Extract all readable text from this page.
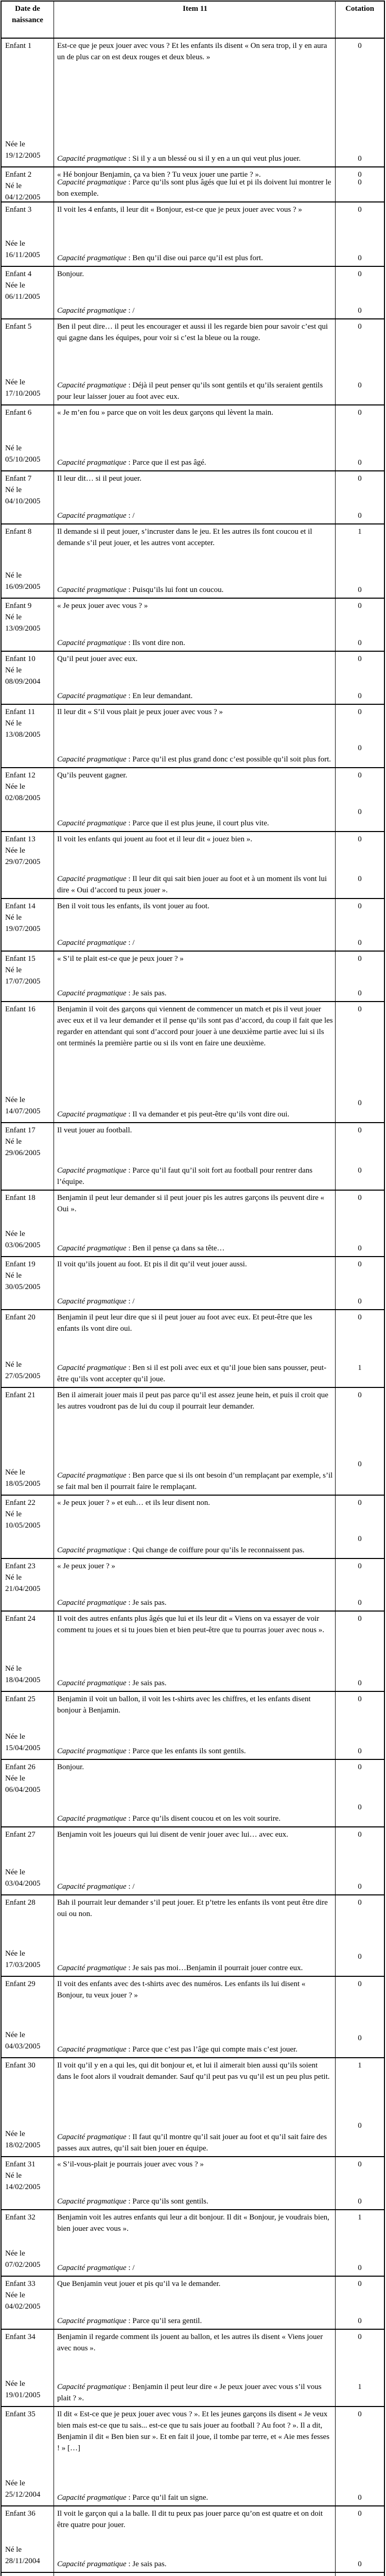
Date de naissance
Item 11	Cotation
Enfant 1
Née le
19/12/2005
Est-ce que je peux jouer avec vous ? Et les enfants ils disent « On sera trop, il y en aura un de plus car on est deux rouges et deux bleus. »
Capacité pragmatique : Si il y a un blessé ou si il y en a un qui veut plus jouer.
0
0
Enfant 2
Né le
04/12/2005
« Hé bonjour Benjamin, ça va bien ? Tu veux jouer une partie ? ».
Capacité pragmatique : Parce qu’ils sont plus âgés que lui et pi ils doivent lui montrer le bon exemple.
0
0
Enfant 3
Née le
16/11/2005
Il voit les 4 enfants, il leur dit « Bonjour, est-ce que je peux jouer avec vous ? »
Capacité pragmatique : Ben qu’il dise oui parce qu’il est plus fort.
0
0
Enfant 4
Née le
06/11/2005
Bonjour.
Capacité pragmatique : /
0
0
Enfant 5
Née le
17/10/2005
Ben il peut dire… il peut les encourager et aussi il les regarde bien pour savoir c’est qui qui gagne dans les équipes, pour voir si c’est la bleue ou la rouge.
Capacité pragmatique : Déjà il peut penser qu’ils sont gentils et qu’ils seraient gentils pour leur laisser jouer au foot avec eux.
0
0
Enfant 6
Né le
05/10/2005
« Je m’en fou » parce que on voit les deux garçons qui lèvent la main.
Capacité pragmatique : Parce que il est pas âgé.
0
0
Enfant 7
Né le
04/10/2005
Il leur dit… si il peut jouer.
Capacité pragmatique : /
0
0
Enfant 8
Né le
16/09/2005
Il demande si il peut jouer, s’incruster dans le jeu. Et les autres ils font coucou et il demande s’il peut jouer, et les autres vont accepter.
Capacité pragmatique : Puisqu’ils lui font un coucou.
1
0
Enfant 9
Né le
13/09/2005
« Je peux jouer avec vous ? »
Capacité pragmatique : Ils vont dire non.
0
0
Enfant 10
Né le
08/09/2004
Qu’il peut jouer avec eux.
Capacité pragmatique : En leur demandant.
0
0
Enfant 11
Né le
13/08/2005
Il leur dit « S’il vous plait je peux jouer avec vous ? »
Capacité pragmatique : Parce qu’il est plus grand donc c’est possible qu’il soit plus fort.
0
0
Enfant 12
Née le
02/08/2005
Qu’ils peuvent gagner.
Capacité pragmatique : Parce que il est plus jeune, il court plus vite.
0
0
Enfant 13
Née le
29/07/2005
Il voit les enfants qui jouent au foot et il leur dit « jouez bien ».
Capacité pragmatique : Il leur dit qui sait bien jouer au foot et à un moment ils vont lui dire « Oui d’accord tu peux jouer ».
0
0
Enfant 14
Né le
19/07/2005
Ben il voit tous les enfants, ils vont jouer au foot.
Capacité pragmatique : /
0
0
Enfant 15
Né le
17/07/2005
« S’il te plait est-ce que je peux jouer ? »
Capacité pragmatique : Je sais pas.
0
0
Enfant 16
Née le
14/07/2005
Benjamin il voit des garçons qui viennent de commencer un match et pis il veut jouer avec eux et il va leur demander et il pense qu’ils sont pas d’accord, du coup il fait que les regarder en attendant qui sont d’accord pour jouer à une deuxième partie avec lui si ils ont terminés la première partie ou si ils vont en faire une deuxième.
Capacité pragmatique : Il va demander et pis peut-être qu’ils vont dire oui.
0
0
Enfant 17
Né le
29/06/2005
Il veut jouer au football.
Capacité pragmatique : Parce qu’il faut qu’il soit fort au football pour rentrer dans l’équipe.
0
0
Enfant 18
Née le
03/06/2005
Benjamin il peut leur demander si il peut jouer pis les autres garçons ils peuvent dire « Oui ».
Capacité pragmatique : Ben il pense ça dans sa tête…
0
0
Enfant 19
Né le
30/05/2005
Il voit qu’ils jouent au foot. Et pis il dit qu’il veut jouer aussi.
Capacité pragmatique : /
0
0
Enfant 20
Né le
27/05/2005
Benjamin il peut leur dire que si il peut jouer au foot avec eux. Et peut-être que les enfants ils vont dire oui.
Capacité pragmatique : Ben si il est poli avec eux et qu’il joue bien sans pousser, peut-être qu’ils vont accepter qu’il joue.
0
1
Enfant 21
Née le
18/05/2005
Ben il aimerait jouer mais il peut pas parce qu’il est assez jeune hein, et puis il croit que les autres voudront pas de lui du coup il pourrait leur demander.
Capacité pragmatique : Ben parce que si ils ont besoin d’un remplaçant par exemple, s’il se fait mal ben il pourrait faire le remplaçant.
0
0
Enfant 22
Né le
10/05/2005
« Je peux jouer ? » et euh… et ils leur disent non.
Capacité pragmatique : Qui change de coiffure pour qu’ils le reconnaissent pas.
0
0
Enfant 23
Né le
21/04/2005
« Je peux jouer ? »
Capacité pragmatique : Je sais pas.
0
0
Enfant 24
Né le
18/04/2005
Il voit des autres enfants plus âgés que lui et ils leur dit « Viens on va essayer de voir comment tu joues et si tu joues bien et bien peut-être que tu pourras jouer avec nous ».
Capacité pragmatique : Je sais pas.
0
0
Enfant 25
Née le
15/04/2005
Benjamin il voit un ballon, il voit les t-shirts avec les chiffres, et les enfants disent bonjour à Benjamin.
Capacité pragmatique : Parce que les enfants ils sont gentils.
0
0
Enfant 26
Née le
06/04/2005
Bonjour.
Capacité pragmatique : Parce qu’ils disent coucou et on les voit sourire.
0
0
Enfant 27
Née le
03/04/2005
Benjamin voit les joueurs qui lui disent de venir jouer avec lui… avec eux.
Capacité pragmatique : /
0
0
Enfant 28
Née le
17/03/2005
Bah il pourrait leur demander s’il peut jouer. Et p’tetre les enfants ils vont peut être dire oui ou non.
Capacité pragmatique : Je sais pas moi…Benjamin il pourrait jouer contre eux.
0
0
Enfant 29
Née le
04/03/2005
Il voit des enfants avec des t-shirts avec des numéros. Les enfants ils lui disent « Bonjour, tu veux jouer ? »
Capacité pragmatique : Parce que c’est pas l’âge qui compte mais c’est jouer.
0
0
Enfant 30
Née le
18/02/2005
Il voit qu’il y en a qui les, qui dit bonjour et, et lui il aimerait bien aussi qu’ils soient dans le foot alors il voudrait demander. Sauf qu’il peut pas vu qu’il est un peu plus petit.
Capacité pragmatique : Il faut qu’il montre qu’il sait jouer au foot et qu’il sait faire des passes aux autres, qu’il sait bien jouer en équipe.
1
0
Enfant 31
Né le
14/02/2005
« S’il-vous-plait je pourrais jouer avec vous ? »
Capacité pragmatique : Parce qu’ils sont gentils.
0
0
Enfant 32
Née le
07/02/2005
Benjamin voit les autres enfants qui leur a dit bonjour. Il dit « Bonjour, je voudrais bien, bien jouer avec vous ».
Capacité pragmatique : /
1
0
Enfant 33
Née le
04/02/2005
Que Benjamin veut jouer et pis qu’il va le demander.
Capacité pragmatique : Parce qu’il sera gentil.
0
0
Enfant 34
Née le
19/01/2005
Benjamin il regarde comment ils jouent au ballon, et les autres ils disent « Viens jouer avec nous ».
Capacité pragmatique : Benjamin il peut leur dire « Je peux jouer avec vous s’il vous plait ? ».
0
1
Enfant 35
Née le
25/12/2004
Il dit « Est-ce que je peux jouer avec vous ? ». Et les jeunes garçons ils disent « Je veux bien mais est-ce que tu sais... est-ce que tu sais jouer au football ? Au foot ? ». Il a dit, Benjamin il dit « Ben bien sur ». Et en fait il joue, il tombe par terre, et « Aie mes fesses ! » […]
Capacité pragmatique : Parce qu’il fait un signe.
0
0
Enfant 36
Né le
28/11/2004
Il voit le garçon qui a la balle. Il dit tu peux pas jouer parce qu’on est quatre et on doit être quatre pour jouer.
Capacité pragmatique : Je sais pas.
0
0
